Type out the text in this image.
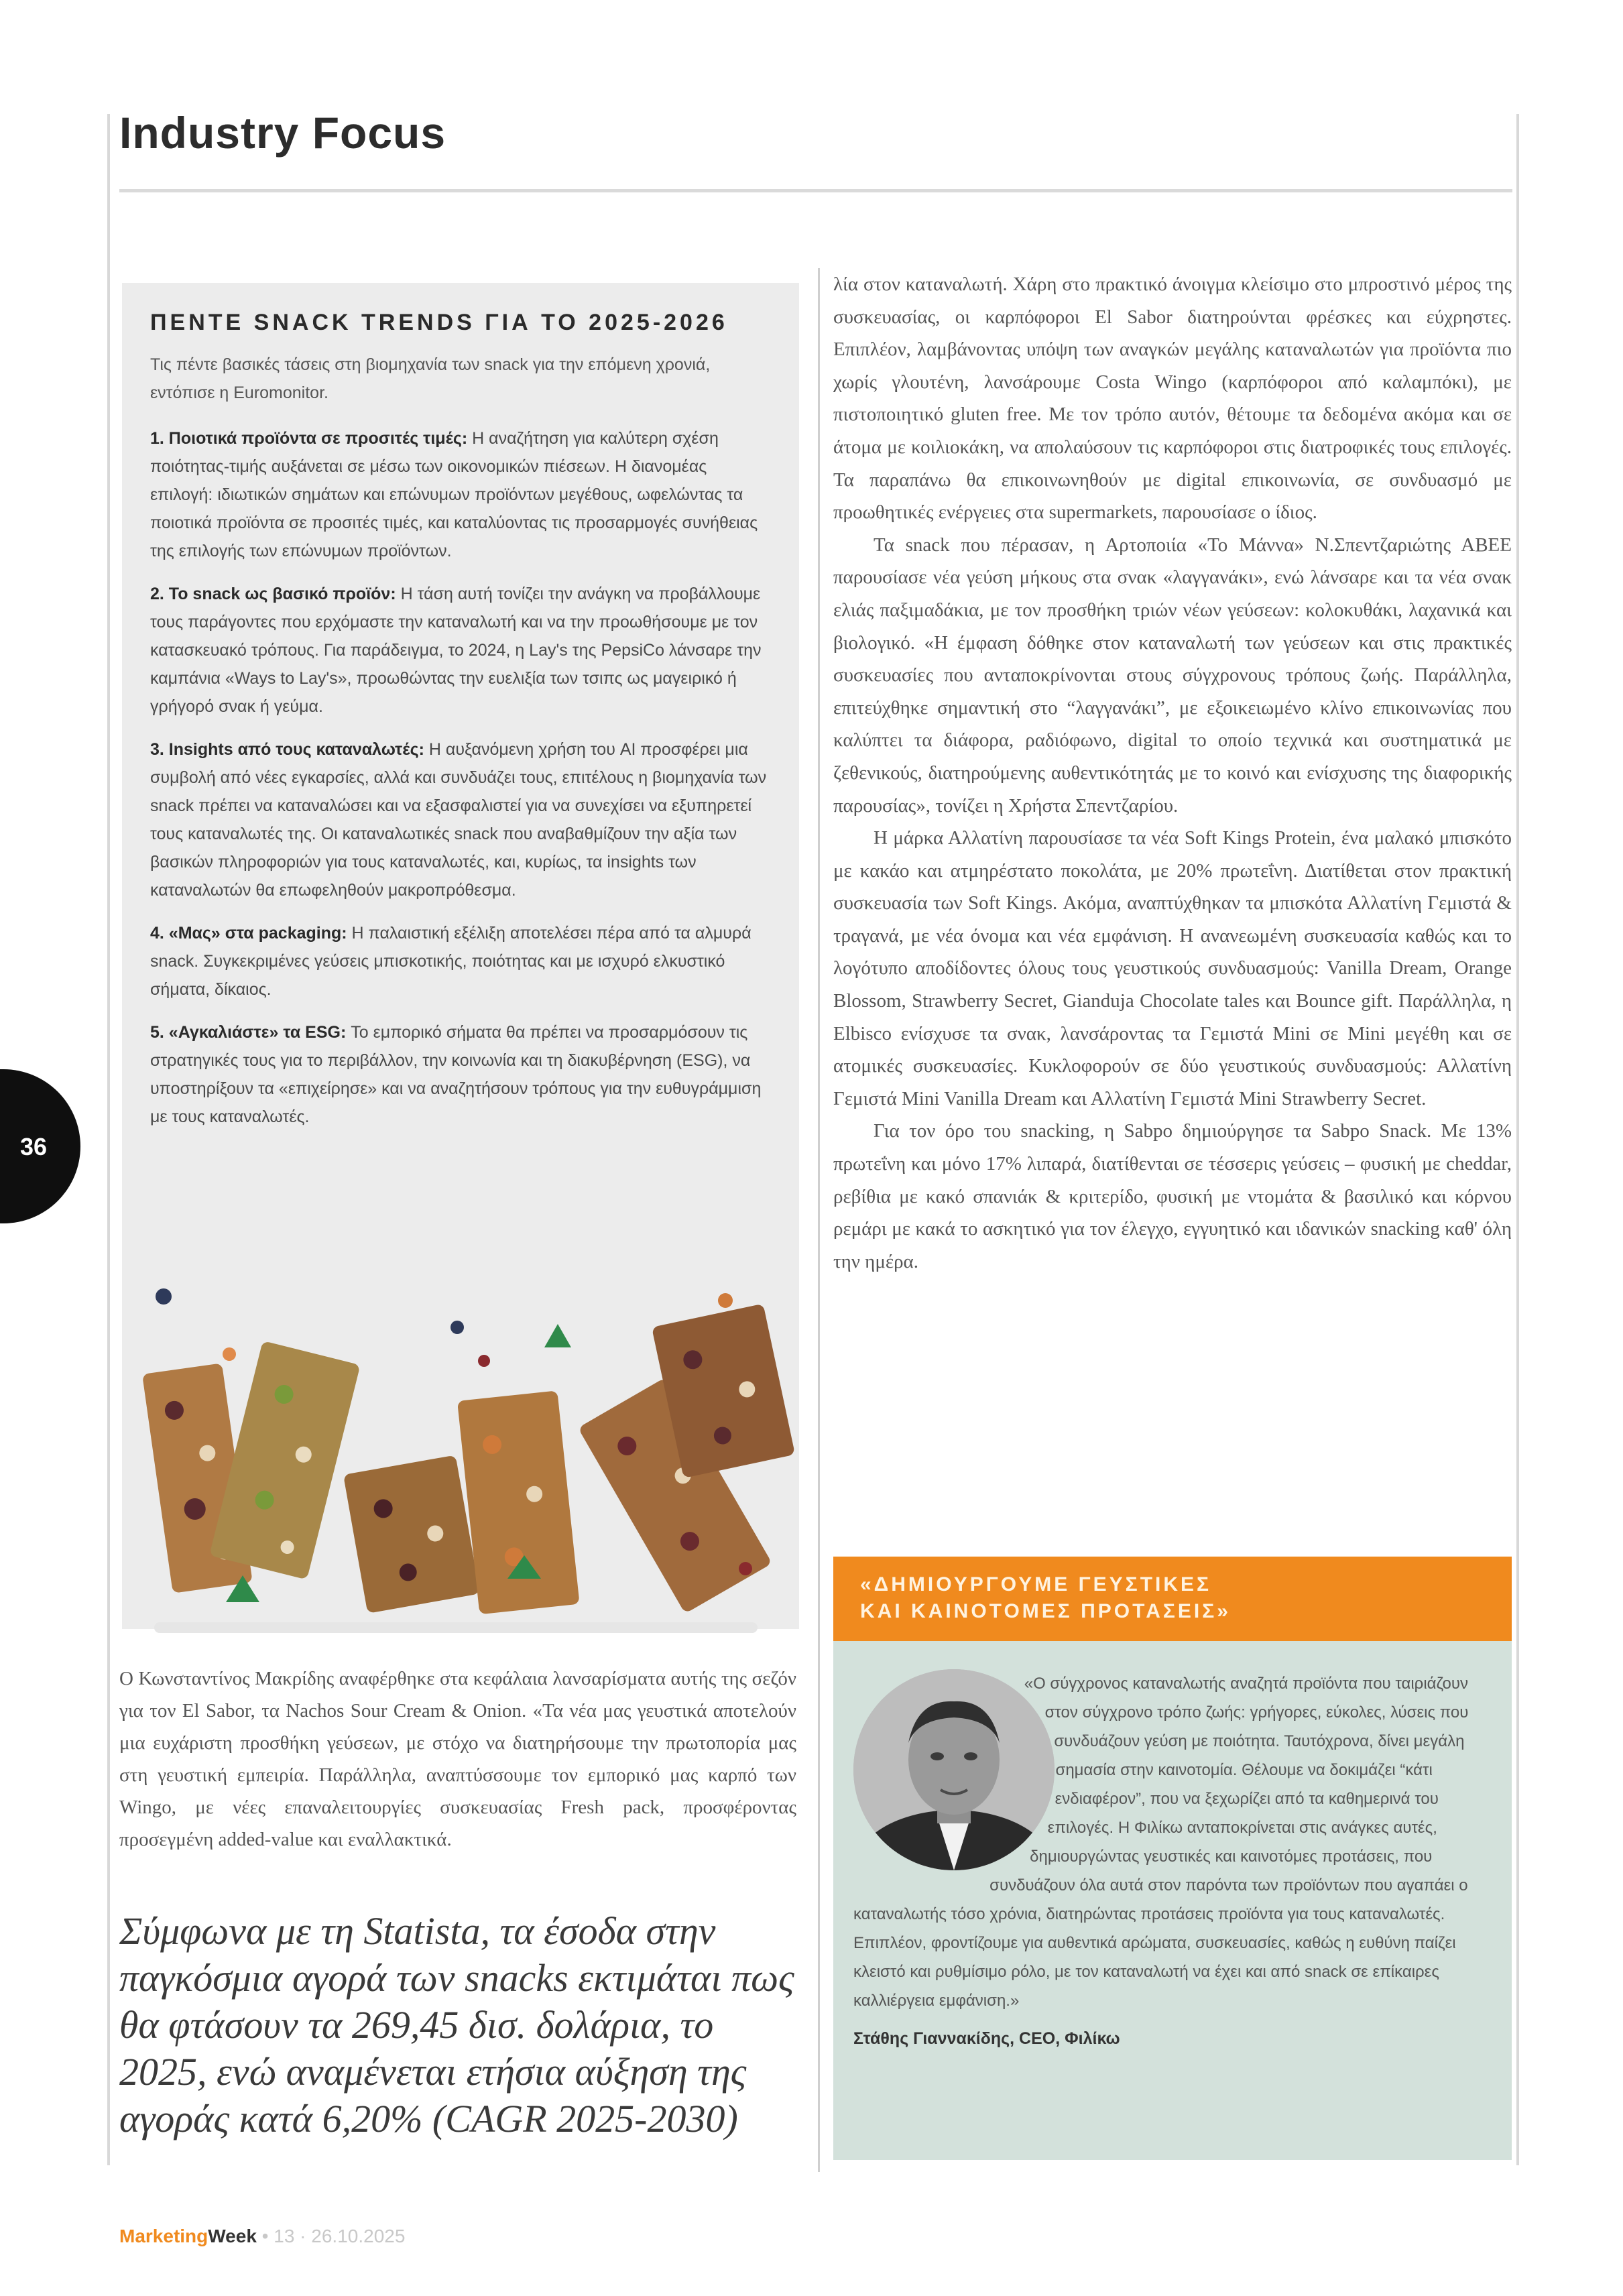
Industry Focus
ΠΕΝΤΕ SNACK TRENDS ΓΙΑ ΤΟ 2025-2026
Τις πέντε βασικές τάσεις στη βιομηχανία των snack για την επόμενη χρονιά, εντόπισε η Euromonitor.
1. Ποιοτικά προϊόντα σε προσιτές τιμές: Η αναζήτηση για καλύτερη σχέση ποιότητας-τιμής αυξάνεται σε μέσω των οικονομικών πιέσεων. Η διανομέας επιλογή: ιδιωτικών σημάτων και επώνυμων προϊόντων μεγέθους, ωφελώντας τα ποιοτικά προϊόντα σε προσιτές τιμές, και καταλύοντας τις προσαρμογές συνήθειας της επιλογής των επώνυμων προϊόντων.
2. Το snack ως βασικό προϊόν: Η τάση αυτή τονίζει την ανάγκη να προβάλλουμε τους παράγοντες που ερχόμαστε την καταναλωτή και να την προωθήσουμε με τον κατασκευακό τρόπους. Για παράδειγμα, το 2024, η Lay's της PepsiCo λάνσαρε την καμπάνια «Ways to Lay's», προωθώντας την ευελιξία των τσιπς ως μαγειρικό ή γρήγορό σνακ ή γεύμα.
3. Insights από τους καταναλωτές: Η αυξανόμενη χρήση του AI προσφέρει μια συμβολή από νέες εγκαρσίες, αλλά και συνδυάζει τους, επιτέλους η βιομηχανία των snack πρέπει να καταναλώσει και να εξασφαλιστεί για να συνεχίσει να εξυπηρετεί τους καταναλωτές της. Οι καταναλωτικές snack που αναβαθμίζουν την αξία των βασικών πληροφοριών για τους καταναλωτές, και, κυρίως, τα insights των καταναλωτών θα επωφεληθούν μακροπρόθεσμα.
4. «Μας» στα packaging: Η παλαιστική εξέλιξη αποτελέσει πέρα από τα αλμυρά snack. Συγκεκριμένες γεύσεις μπισκοτικής, ποιότητας και με ισχυρό ελκυστικό σήματα, δίκαιος.
5. «Αγκαλιάστε» τα ESG: Το εμπορικό σήματα θα πρέπει να προσαρμόσουν τις στρατηγικές τους για το περιβάλλον, την κοινωνία και τη διακυβέρνηση (ESG), να υποστηρίξουν τα «επιχείρησε» και να αναζητήσουν τρόπους για την ευθυγράμμιση με τους καταναλωτές.
Ο Κωνσταντίνος Μακρίδης αναφέρθηκε στα κεφάλαια λανσαρίσματα αυτής της σεζόν για τον El Sabor, τα Nachos Sour Cream & Onion. «Τα νέα μας γευστικά αποτελούν μια ευχάριστη προσθήκη γεύσεων, με στόχο να διατηρήσουμε την πρωτοπορία μας στη γευστική εμπειρία. Παράλληλα, αναπτύσσουμε τον εμπορικό μας καρπό των Wingo, με νέες επαναλειτουργίες συσκευασίας Fresh pack, προσφέροντας προσεγμένη added-value και εναλλακτικά.
Σύμφωνα με τη Statista, τα έσοδα στην παγκόσμια αγορά των snacks εκτιμάται πως θα φτάσουν τα 269,45 δισ. δολάρια, το 2025, ενώ αναμένεται ετήσια αύξηση της αγοράς κατά 6,20% (CAGR 2025-2030)

λία στον καταναλωτή. Χάρη στο πρακτικό άνοιγμα κλείσιμο στο μπροστινό μέρος της συσκευασίας, οι καρπόφοροι El Sabor διατηρούνται φρέσκες και εύχρηστες. Επιπλέον, λαμβάνοντας υπόψη των αναγκών μεγάλης καταναλωτών για προϊόντα πιο χωρίς γλουτένη, λανσάρουμε Costa Wingo (καρπόφοροι από καλαμπόκι), με πιστοποιητικό gluten free. Με τον τρόπο αυτόν, θέτουμε τα δεδομένα ακόμα και σε άτομα με κοιλιοκάκη, να απολαύσουν τις καρπόφοροι στις διατροφικές τους επιλογές. Τα παραπάνω θα επικοινωνηθούν με digital επικοινωνία, σε συνδυασμό με προωθητικές ενέργειες στα supermarkets, παρουσίασε ο ίδιος.

Τα snack που πέρασαν, η Αρτοποιία «Το Μάννα» Ν.Σπεντζαριώτης ΑΒΕΕ παρουσίασε νέα γεύση μήκους στα σνακ «λαγγανάκι», ενώ λάνσαρε και τα νέα σνακ ελιάς παξιμαδάκια, με τον προσθήκη τριών νέων γεύσεων: κολοκυθάκι, λαχανικά και βιολογικό. «Η έμφαση δόθηκε στον καταναλωτή των γεύσεων και στις πρακτικές συσκευασίες που ανταποκρίνονται στους σύγχρονους τρόπους ζωής. Παράλληλα, επιτεύχθηκε σημαντική στο “λαγγανάκι”, με εξοικειωμένο κλίνο επικοινωνίας που καλύπτει τα διάφορα, ραδιόφωνο, digital το οποίο τεχνικά και συστηματικά με ζεθενικούς, διατηρούμενης αυθεντικότητάς με το κοινό και ενίσχυσης της διαφορικής παρουσίας», τονίζει η Χρήστα Σπεντζαρίου.

Η μάρκα Αλλατίνη παρουσίασε τα νέα Soft Kings Protein, ένα μαλακό μπισκότο με κακάο και ατμηρέστατο ποκολάτα, με 20% πρωτεΐνη. Διατίθεται στον πρακτική συσκευασία των Soft Kings. Ακόμα, αναπτύχθηκαν τα μπισκότα Αλλατίνη Γεμιστά & τραγανά, με νέα όνομα και νέα εμφάνιση. Η ανανεωμένη συσκευασία καθώς και το λογότυπο αποδίδοντες όλους τους γευστικούς συνδυασμούς: Vanilla Dream, Orange Blossom, Strawberry Secret, Gianduja Chocolate tales και Bounce gift. Παράλληλα, η Elbisco ενίσχυσε τα σνακ, λανσάροντας τα Γεμιστά Mini σε Mini μεγέθη και σε ατομικές συσκευασίες. Κυκλοφορούν σε δύο γευστικούς συνδυασμούς: Αλλατίνη Γεμιστά Mini Vanilla Dream και Αλλατίνη Γεμιστά Mini Strawberry Secret.

Για τον όρο του snacking, η Sabpo δημιούργησε τα Sabpo Snack. Με 13% πρωτεΐνη και μόνο 17% λιπαρά, διατίθενται σε τέσσερις γεύσεις – φυσική με cheddar, ρεβίθια με κακό σπανιάκ & κριτερίδο, φυσική με ντομάτα & βασιλικό και κόρνου ρεμάρι με κακά το ασκητικό για τον έλεγχο, εγγυητικό και ιδανικών snacking καθ' όλη την ημέρα.

«ΔΗΜΙΟΥΡΓΟΥΜΕ ΓΕΥΣΤΙΚΕΣ
ΚΑΙ ΚΑΙΝΟΤΟΜΕΣ ΠΡΟΤΑΣΕΙΣ»
«Ο σύγχρονος καταναλωτής αναζητά προϊόντα που ταιριάζουν στον σύγχρονο τρόπο ζωής: γρήγορες, εύκολες, λύσεις που συνδυάζουν γεύση με ποιότητα. Ταυτόχρονα, δίνει μεγάλη σημασία στην καινοτομία. Θέλουμε να δοκιμάζει “κάτι ενδιαφέρον”, που να ξεχωρίζει από τα καθημερινά του επιλογές. Η Φιλίκω ανταποκρίνεται στις ανάγκες αυτές, δημιουργώντας γευστικές και καινοτόμες προτάσεις, που συνδυάζουν όλα αυτά στον παρόντα των προϊόντων που αγαπάει ο καταναλωτής τόσο χρόνια, διατηρώντας προτάσεις προϊόντα για τους καταναλωτές. Επιπλέον, φροντίζουμε για αυθεντικά αρώματα, συσκευασίες, καθώς η ευθύνη παίζει κλειστό και ρυθμίσιμο ρόλο, με τον καταναλωτή να έχει και από snack σε επίκαιρες καλλιέργεια εμφάνιση.»
Στάθης Γιαννακίδης, CEO, Φιλίκω
36
MarketingWeek • 13 · 26.10.2025
